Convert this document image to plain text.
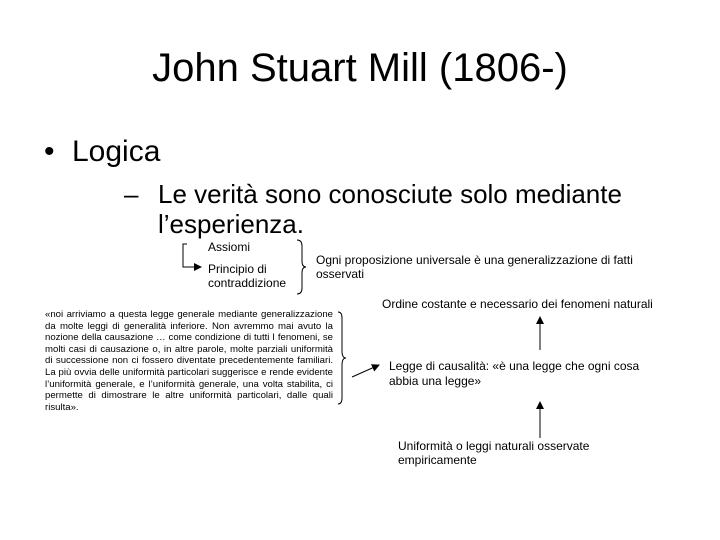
John Stuart Mill (1806-)
• Logica
– Le verità sono conosciute solo mediante
l’esperienza.
Assiomi
Principio di
contraddizione
Ogni proposizione universale è una generalizzazione di fatti
osservati
Ordine costante e necessario dei fenomeni naturali
Legge di causalità: «è una legge che ogni cosa
abbia una legge»
Uniformità o leggi naturali osservate
empiricamente
«noi arriviamo a questa legge generale mediante generalizzazione da molte leggi di generalità inferiore. Non avremmo mai avuto la nozione della causazione … come condizione di tutti I fenomeni, se molti casi di causazione o, in altre parole, molte parziali uniformità di successione non ci fossero diventate precedentemente familiari. La più ovvia delle uniformità particolari suggerisce e rende evidente l’uniformità generale, e l’uniformità generale, una volta stabilita, ci permette di dimostrare le altre uniformità particolari, dalle quali risulta».
